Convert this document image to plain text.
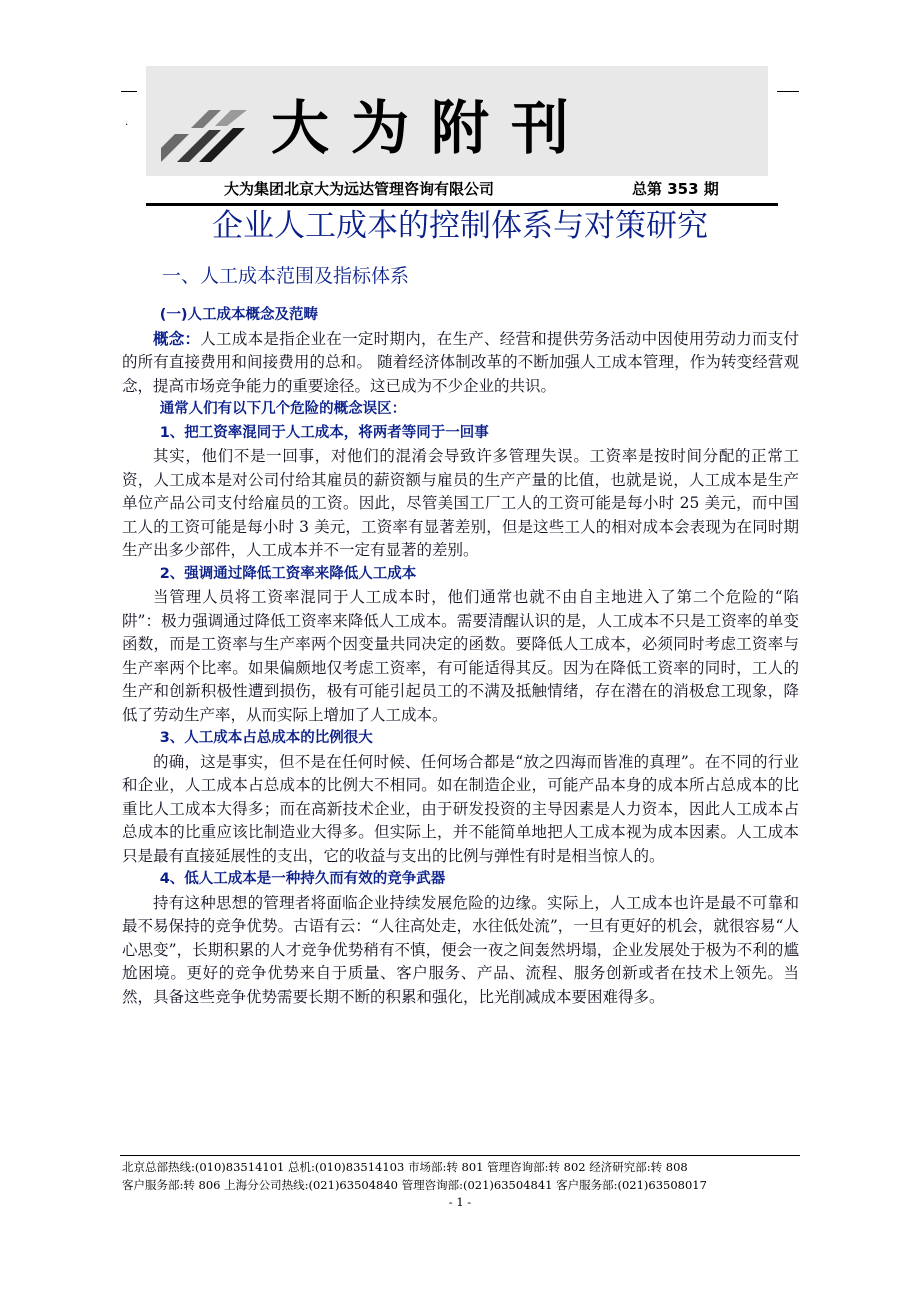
. 大为附刊
大为集团北京大为远达管理咨询有限公司	总第 353 期
企业人工成本的控制体系与对策研究
一、人工成本范围及指标体系

(一)人工成本概念及范畴

概念：人工成本是指企业在一定时期内，在生产、经营和提供劳务活动中因使用劳动力而支付的所有直接费用和间接费用的总和。 随着经济体制改革的不断加强人工成本管理，作为转变经营观念，提高市场竞争能力的重要途径。这已成为不少企业的共识。

通常人们有以下几个危险的概念误区：

1、把工资率混同于人工成本，将两者等同于一回事

其实，他们不是一回事，对他们的混淆会导致许多管理失误。工资率是按时间分配的正常工资，人工成本是对公司付给其雇员的薪资额与雇员的生产产量的比值，也就是说，人工成本是生产单位产品公司支付给雇员的工资。因此，尽管美国工厂工人的工资可能是每小时 25 美元，而中国工人的工资可能是每小时 3 美元，工资率有显著差别，但是这些工人的相对成本会表现为在同时期生产出多少部件，人工成本并不一定有显著的差别。

2、强调通过降低工资率来降低人工成本

当管理人员将工资率混同于人工成本时，他们通常也就不由自主地进入了第二个危险的“陷阱”：极力强调通过降低工资率来降低人工成本。需要清醒认识的是，人工成本不只是工资率的单变函数，而是工资率与生产率两个因变量共同决定的函数。要降低人工成本，必须同时考虑工资率与生产率两个比率。如果偏颇地仅考虑工资率，有可能适得其反。因为在降低工资率的同时，工人的生产和创新积极性遭到损伤，极有可能引起员工的不满及抵触情绪，存在潜在的消极怠工现象，降低了劳动生产率，从而实际上增加了人工成本。

3、人工成本占总成本的比例很大

的确，这是事实，但不是在任何时候、任何场合都是“放之四海而皆准的真理”。在不同的行业和企业，人工成本占总成本的比例大不相同。如在制造企业，可能产品本身的成本所占总成本的比重比人工成本大得多；而在高新技术企业，由于研发投资的主导因素是人力资本，因此人工成本占总成本的比重应该比制造业大得多。但实际上，并不能简单地把人工成本视为成本因素。人工成本只是最有直接延展性的支出，它的收益与支出的比例与弹性有时是相当惊人的。

4、低人工成本是一种持久而有效的竞争武器

持有这种思想的管理者将面临企业持续发展危险的边缘。实际上，人工成本也许是最不可靠和最不易保持的竞争优势。古语有云：“人往高处走，水往低处流”，一旦有更好的机会，就很容易“人心思变”，长期积累的人才竞争优势稍有不慎，便会一夜之间轰然坍塌，企业发展处于极为不利的尴尬困境。更好的竞争优势来自于质量、客户服务、产品、流程、服务创新或者在技术上领先。当然，具备这些竞争优势需要长期不断的积累和强化，比光削减成本要困难得多。

北京总部热线:(010)83514101 总机:(010)83514103 市场部:转 801 管理咨询部:转 802 经济研究部:转 808
客户服务部:转 806 上海分公司热线:(021)63504840 管理咨询部:(021)63504841 客户服务部:(021)63508017
- 1 -
